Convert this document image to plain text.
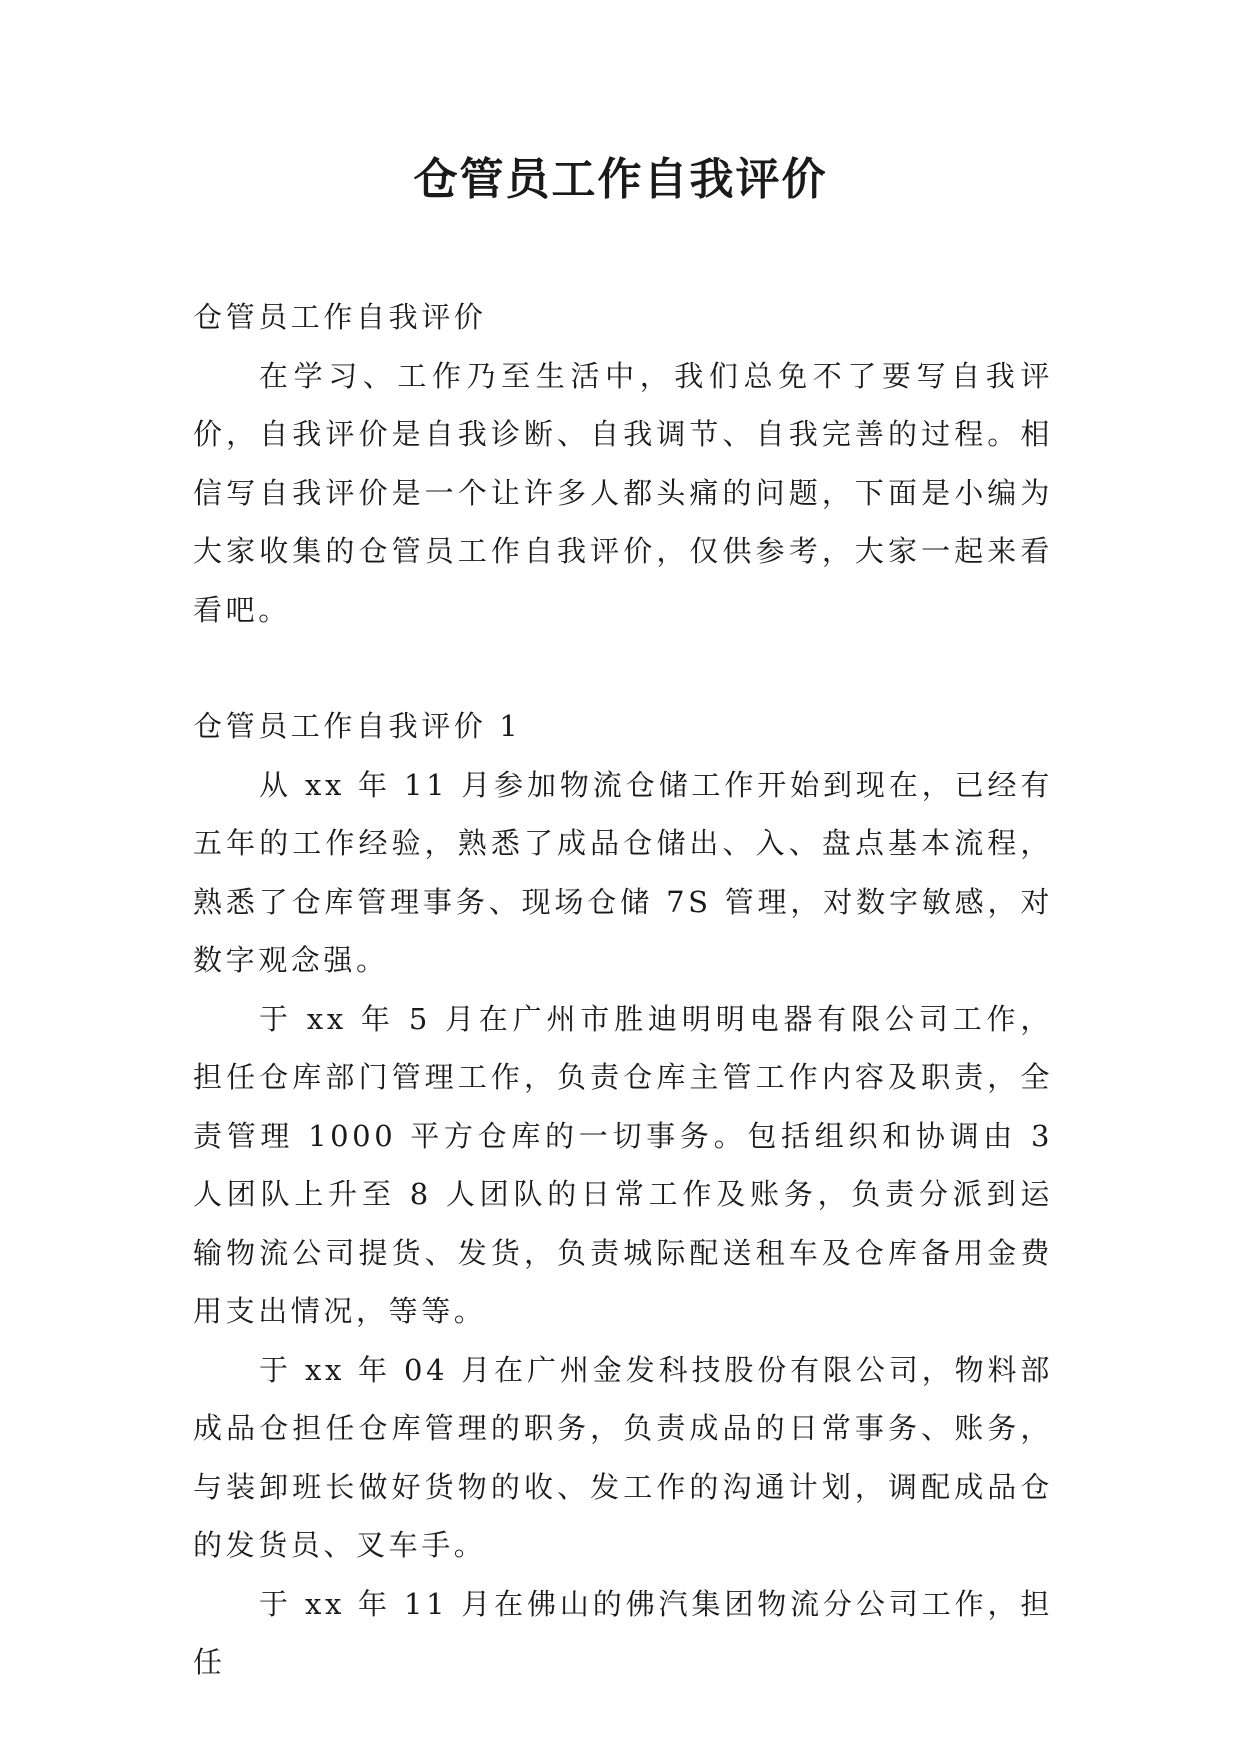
仓管员工作自我评价

仓管员工作自我评价

在学习、工作乃至生活中，我们总免不了要写自我评价，自我评价是自我诊断、自我调节、自我完善的过程。相信写自我评价是一个让许多人都头痛的问题，下面是小编为大家收集的仓管员工作自我评价，仅供参考，大家一起来看看吧。

仓管员工作自我评价 1

从 xx 年 11 月参加物流仓储工作开始到现在，已经有五年的工作经验，熟悉了成品仓储出、入、盘点基本流程，熟悉了仓库管理事务、现场仓储 7S 管理，对数字敏感，对数字观念强。

于 xx 年 5 月在广州市胜迪明明电器有限公司工作，担任仓库部门管理工作，负责仓库主管工作内容及职责，全责管理 1000 平方仓库的一切事务。包括组织和协调由 3 人团队上升至 8 人团队的日常工作及账务，负责分派到运输物流公司提货、发货，负责城际配送租车及仓库备用金费用支出情况，等等。

于 xx 年 04 月在广州金发科技股份有限公司，物料部成品仓担任仓库管理的职务，负责成品的日常事务、账务，与装卸班长做好货物的收、发工作的沟通计划，调配成品仓的发货员、叉车手。

于 xx 年 11 月在佛山的佛汽集团物流分公司工作，担任
